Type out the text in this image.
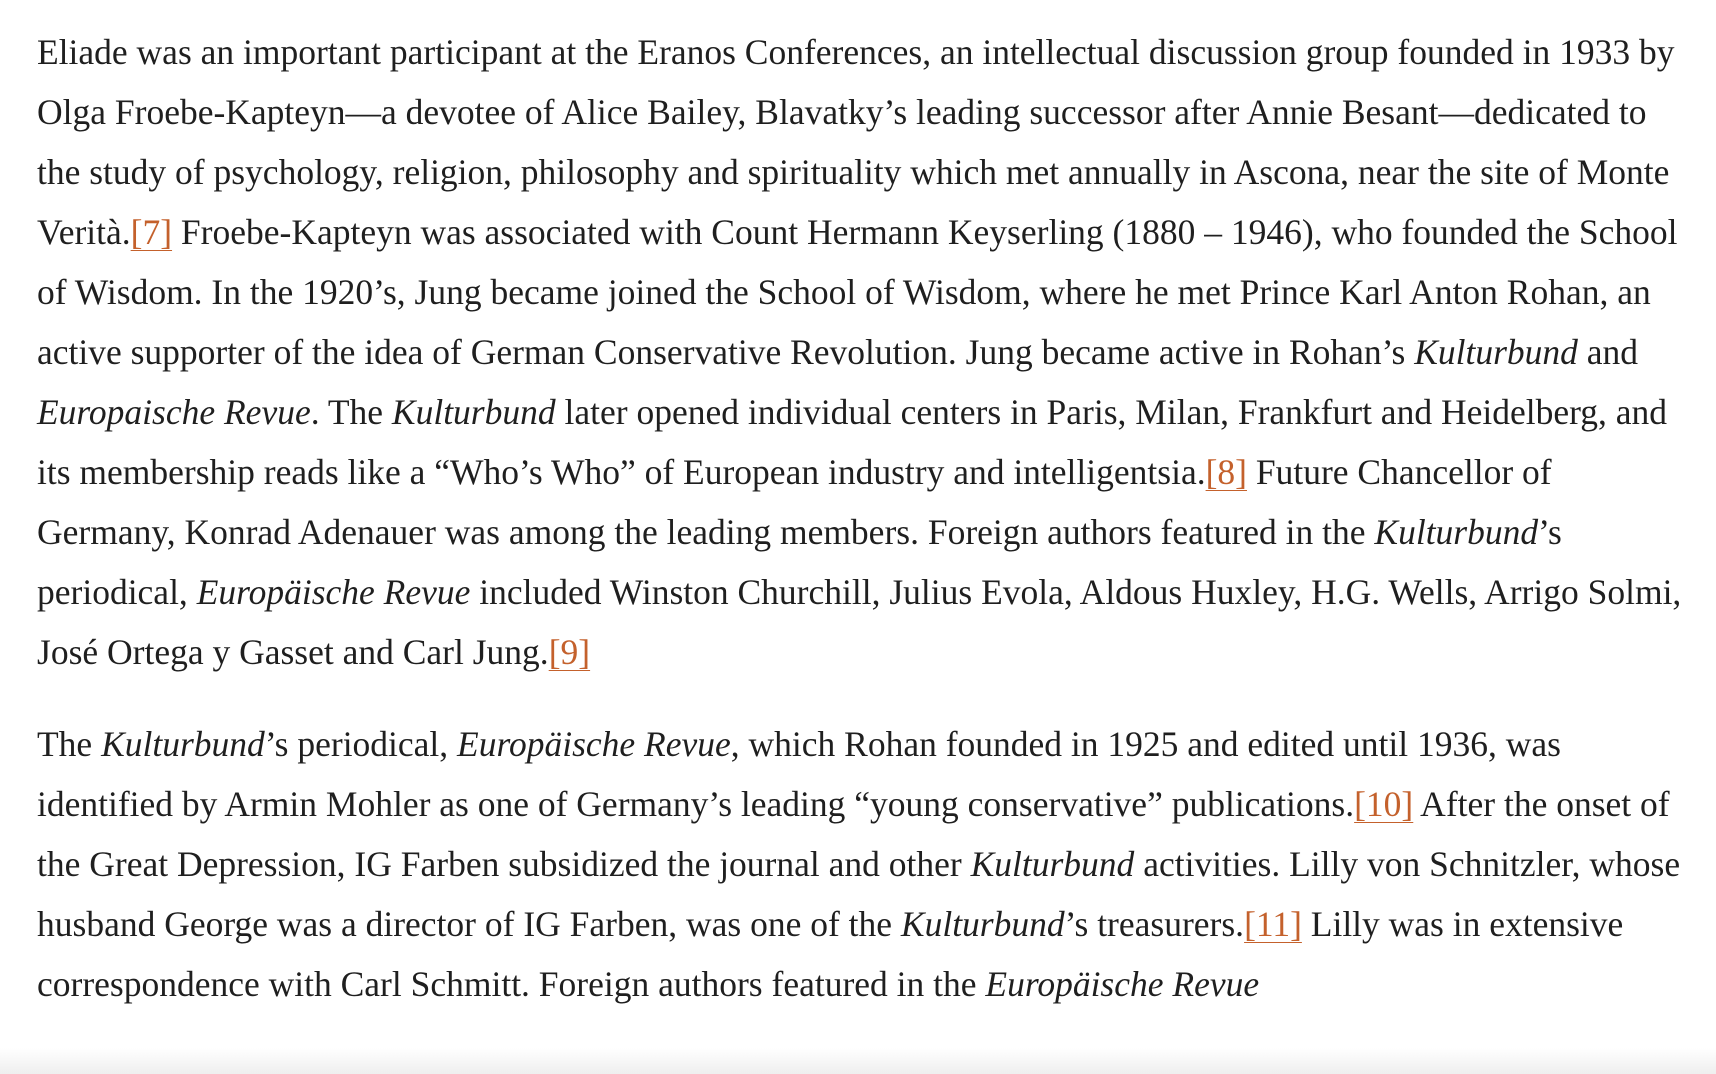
Eliade was an important participant at the Eranos Conferences, an intellectual discussion group founded in 1933 by Olga Froebe-Kapteyn—a devotee of Alice Bailey, Blavatky’s leading successor after Annie Besant—dedicated to the study of psychology, religion, philosophy and spirituality which met annually in Ascona, near the site of Monte Verità.[7] Froebe-Kapteyn was associated with Count Hermann Keyserling (1880 – 1946), who founded the School of Wisdom. In the 1920’s, Jung became joined the School of Wisdom, where he met Prince Karl Anton Rohan, an active supporter of the idea of German Conservative Revolution. Jung became active in Rohan’s Kulturbund and Europaische Revue. The Kulturbund later opened individual centers in Paris, Milan, Frankfurt and Heidelberg, and its membership reads like a “Who’s Who” of European industry and intelligentsia.[8] Future Chancellor of Germany, Konrad Adenauer was among the leading members. Foreign authors featured in the Kulturbund’s periodical, Europäische Revue included Winston Churchill, Julius Evola, Aldous Huxley, H.G. Wells, Arrigo Solmi, José Ortega y Gasset and Carl Jung.[9]

The Kulturbund’s periodical, Europäische Revue, which Rohan founded in 1925 and edited until 1936, was identified by Armin Mohler as one of Germany’s leading “young conservative” publications.[10] After the onset of the Great Depression, IG Farben subsidized the journal and other Kulturbund activities. Lilly von Schnitzler, whose husband George was a director of IG Farben, was one of the Kulturbund’s treasurers.[11] Lilly was in extensive correspondence with Carl Schmitt. Foreign authors featured in the Europäische Revue
